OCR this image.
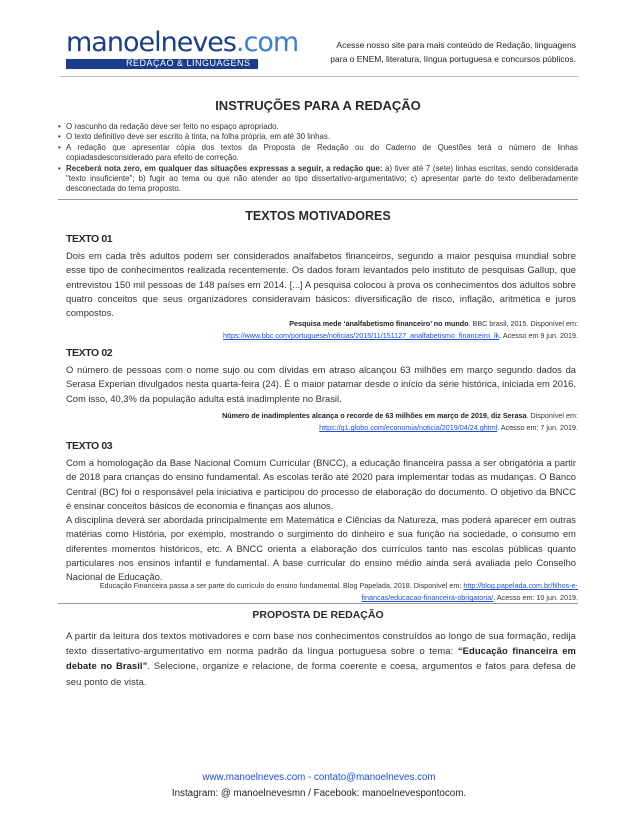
manoelneves.com
REDAÇÃO & LINGUAGENS
Acesse nosso site para mais conteúdo de Redação, linguagens
para o ENEM, literatura, língua portuguesa e concursos públicos.
INSTRUÇÕES PARA A REDAÇÃO
• O rascunho da redação deve ser feito no espaço apropriado.
• O texto definitivo deve ser escrito à tinta, na folha própria, em até 30 linhas.
• A redação que apresentar cópia dos textos da Proposta de Redação ou do Caderno de Questões terá o número de linhas copiadasdesconsiderado para efeito de correção.
• Receberá nota zero, em qualquer das situações expressas a seguir, a redação que: a) tiver até 7 (sete) linhas escritas, sendo considerada "texto insuficiente"; b) fugir ao tema ou que não atender ao tipo dissertativo-argumentativo; c) apresentar parte do texto deliberadamente desconectada do tema proposto.
TEXTOS MOTIVADORES
TEXTO 01
Dois em cada três adultos podem ser considerados analfabetos financeiros, segundo a maior pesquisa mundial sobre esse tipo de conhecimentos realizada recentemente. Os dados foram levantados pelo instituto de pesquisas Gallup, que entrevistou 150 mil pessoas de 148 países em 2014. [...] A pesquisa colocou à prova os conhecimentos dos adultos sobre quatro conceitos que seus organizadores consideravam básicos: diversificação de risco, inflação, aritmética e juros compostos.
Pesquisa mede ‘analfabetismo financeiro’ no mundo. BBC brasil, 2015. Disponível em:
https://www.bbc.com/portuguese/noticias/2015/11/151127_analfabetismo_financeiro_lk. Acesso em 9 jun. 2019.
TEXTO 02
O número de pessoas com o nome sujo ou com dívidas em atraso alcançou 63 milhões em março segundo dados da Serasa Experian divulgados nesta quarta-feira (24). É o maior patamar desde o início da série histórica, iniciada em 2016. Com isso, 40,3% da população adulta está inadimplente no Brasil.
Número de inadimplentes alcança o recorde de 63 milhões em março de 2019, diz Serasa. Disponível em:
https://g1.globo.com/economia/noticia/2019/04/24.ghtml. Acesso em: 7 jun. 2019.
TEXTO 03
Com a homologação da Base Nacional Comum Curricular (BNCC), a educação financeira passa a ser obrigatória a partir de 2018 para crianças do ensino fundamental. As escolas terão até 2020 para implementar todas as mudanças. O Banco Central (BC) foi o responsável pela iniciativa e participou do processo de elaboração do documento. O objetivo da BNCC é ensinar conceitos básicos de economia e finanças aos alunos.
A disciplina deverá ser abordada principalmente em Matemática e Ciências da Natureza, mas poderá aparecer em outras matérias como História, por exemplo, mostrando o surgimento do dinheiro e sua função na sociedade, o consumo em diferentes momentos históricos, etc. A BNCC orienta a elaboração dos currículos tanto nas escolas públicas quanto particulares nos ensinos infantil e fundamental. A base curricular do ensino médio ainda será avaliada pelo Conselho Nacional de Educação.
Educação Financeira passa a ser parte do currículo do ensino fundamental. Blog Papelada, 2018. Disponível em: http://blog.papelada.com.br/filhos-e-financas/educacao-financeira-obrigatoria/. Acesso em: 10 jun. 2019.
PROPOSTA DE REDAÇÃO
A partir da leitura dos textos motivadores e com base nos conhecimentos construídos ao longo de sua formação, redija texto dissertativo-argumentativo em norma padrão da língua portuguesa sobre o tema: “Educação financeira em debate no Brasil”. Selecione, organize e relacione, de forma coerente e coesa, argumentos e fatos para defesa de seu ponto de vista.
www.manoelneves.com - contato@manoelneves.com
Instagram: @ manoelnevesmn / Facebook: manoelnevespontocom.
